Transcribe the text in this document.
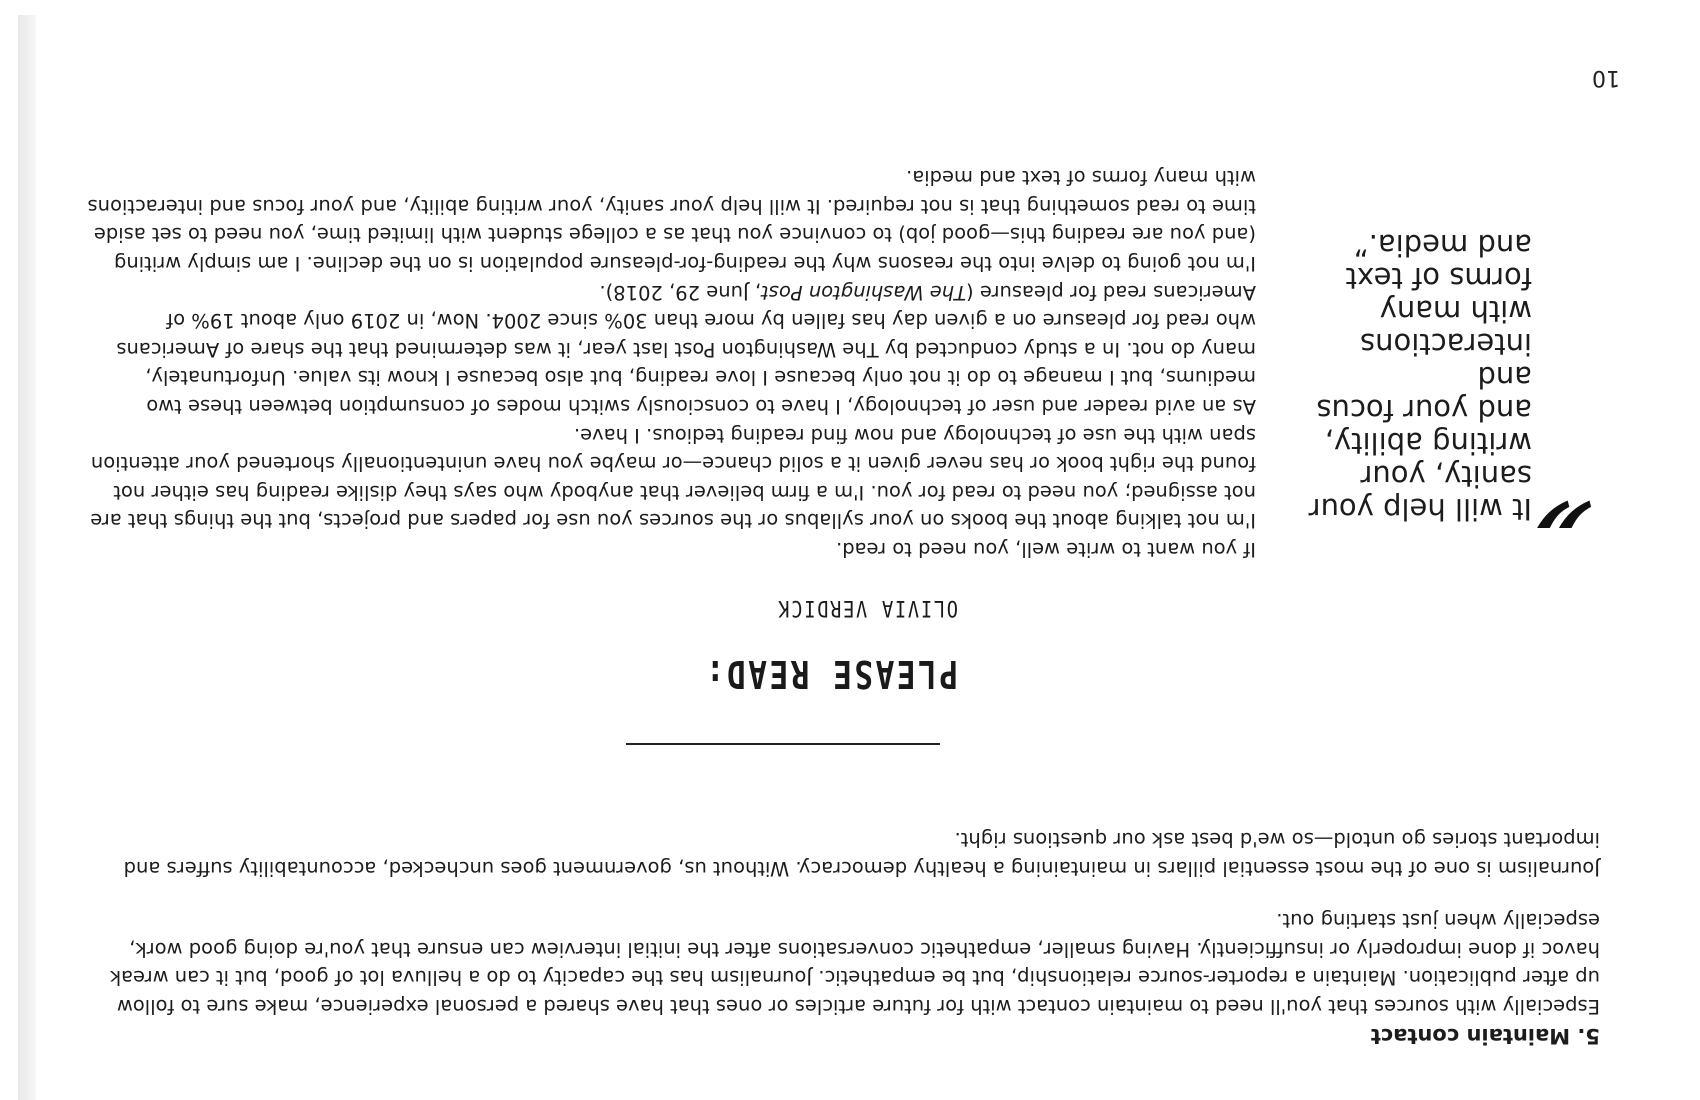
5. Maintain contact

Especially with sources that you'll need to maintain contact with for future articles or ones that have shared a personal experience, make sure to follow up after publication. Maintain a reporter-source relationship, but be empathetic. Journalism has the capacity to do a helluva lot of good, but it can wreak havoc if done improperly or insufficiently. Having smaller, empathetic conversations after the initial interview can ensure that you're doing good work, especially when just starting out.

Journalism is one of the most essential pillars in maintaining a healthy democracy. Without us, government goes unchecked, accountability suffers and important stories go untold—so we'd best ask our questions right.

PLEASE READ:
OLIVIA VERDICK

If you want to write well, you need to read.

I'm not talking about the books on your syllabus or the sources you use for papers and projects, but the things that are not assigned; you need to read for you. I'm a firm believer that anybody who says they dislike reading has either not found the right book or has never given it a solid chance—or maybe you have unintentionally shortened your attention span with the use of technology and now find reading tedious. I have.

As an avid reader and user of technology, I have to consciously switch modes of consumption between these two mediums, but I manage to do it not only because I love reading, but also because I know its value. Unfortunately, many do not. In a study conducted by The Washington Post last year, it was determined that the share of Americans who read for pleasure on a given day has fallen by more than 30% since 2004. Now, in 2019 only about 19% of Americans read for pleasure (The Washington Post, June 29, 2018).

I'm not going to delve into the reasons why the reading-for-pleasure population is on the decline. I am simply writing (and you are reading this—good job) to convince you that as a college student with limited time, you need to set aside time to read something that is not required. It will help your sanity, your writing ability, and your focus and interactions with many forms of text and media.

”

It will help your sanity, your writing ability, and your focus and interactions with many forms of text and media.”

10
